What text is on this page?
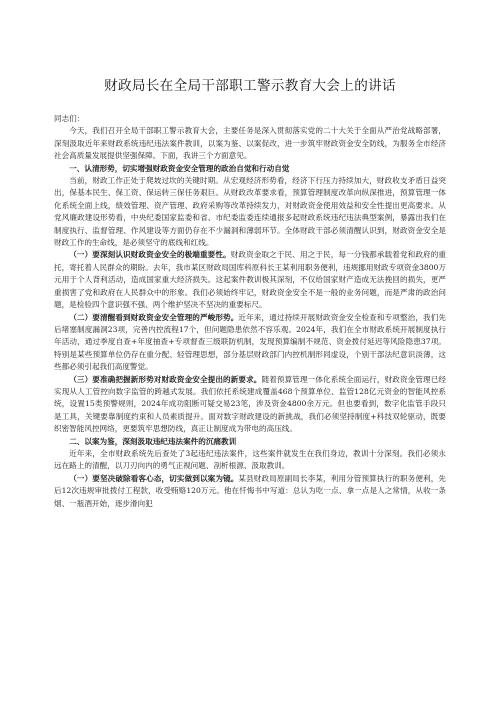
财政局长在全局干部职工警示教育大会上的讲话

同志们：

今天，我们召开全局干部职工警示教育大会，主要任务是深入贯彻落实党的二十大关于全面从严治党战略部署，深刻汲取近年来财政系统违纪违法案件教训，以案为鉴、以案促改，进一步筑牢财政资金安全防线，为服务全市经济社会高质量发展提供坚强保障。下面，我讲三个方面意见。

一、认清形势，切实增强财政资金安全管理的政治自觉和行动自觉

当前，财政工作正处于爬坡过坎的关键时期。从宏观经济形势看，经济下行压力持续加大，财政收支矛盾日益突出，保基本民生、保工资、保运转三保任务艰巨。从财政改革要求看，预算管理制度改革向纵深推进，预算管理一体化系统全面上线，绩效管理、资产管理、政府采购等改革持续发力，对财政资金使用效益和安全性提出更高要求。从党风廉政建设形势看，中央纪委国家监委和省、市纪委监委连续通报多起财政系统违纪违法典型案例，暴露出我们在制度执行、监督管理、作风建设等方面仍存在不少漏洞和薄弱环节。全体财政干部必须清醒认识到，财政资金安全是财政工作的生命线，是必须坚守的底线和红线。

（一）要深刻认识财政资金安全的极端重要性。财政资金取之于民、用之于民，每一分钱都承载着党和政府的重托，寄托着人民群众的期盼。去年，我市某区财政局国库科原科长王某利用职务便利，违规挪用财政专项资金3800万元用于个人背利活动，造成国家重大经济损失。这起案件教训极其深刻，不仅给国家财产造成无法挽回的损失，更严重损害了党和政府在人民群众中的形象。我们必须始终牢记，财政资金安全不是一般的业务问题，而是严肃的政治问题，是检验四个意识强不强、两个维护坚决不坚决的重要标尺。

（二）要清醒看到财政资金安全管理的严峻形势。近年来，通过持续开展财政资金安全检查和专项整治，我们先后堵塞制度漏洞23项，完善内控流程17个，但问题隐患依然不容乐观。2024年，我们在全市财政系统开展制度执行年活动，通过季度自查+年度抽查+专项督查三级联防机制，发现预算编制不规范、资金拨付延迟等风险隐患37项。特别是某些预算单位仍存在重分配、轻管理思想，部分基层财政部门内控机制形同虚设，个别干部法纪意识淡薄，这些都必须引起我们高度警觉。

（三）要准确把握新形势对财政资金安全提出的新要求。随着预算管理一体化系统全面运行，财政资金管理已经实现从人工管控向数字监管的跨越式发展。我们依托系统建成覆盖468个预算单位、监管128亿元资金的智能风控系统，设置15类预警规则，2024年成功阻断可疑交易23笔，涉及资金4800余万元。但也要看到，数字化监管手段只是工具，关键要靠制度约束和人员素质提升。面对数字财政建设的新挑战，我们必须坚持制度+科技双轮驱动，既要织密智能风控网络，更要筑牢思想防线，真正让制度成为带电的高压线。

二、以案为鉴，深刻汲取违纪违法案件的沉痛教训

近年来，全市财政系统先后查处了3起违纪违法案件，这些案件就发生在我们身边，教训十分深刻。我们必须永远在路上的清醒，以刀刃向内的勇气正视问题、剖析根源、汲取教训。

（一）要坚决破除看客心态，切实做到以案为镜。某县财政局原副局长李某，利用分管预算执行的职务便利，先后12次违规审批拨付工程款，收受贿赂120万元。他在忏悔书中写道：总认为吃一点、拿一点是人之常情，从收一条烟、一瓶酒开始，逐步滑向犯
